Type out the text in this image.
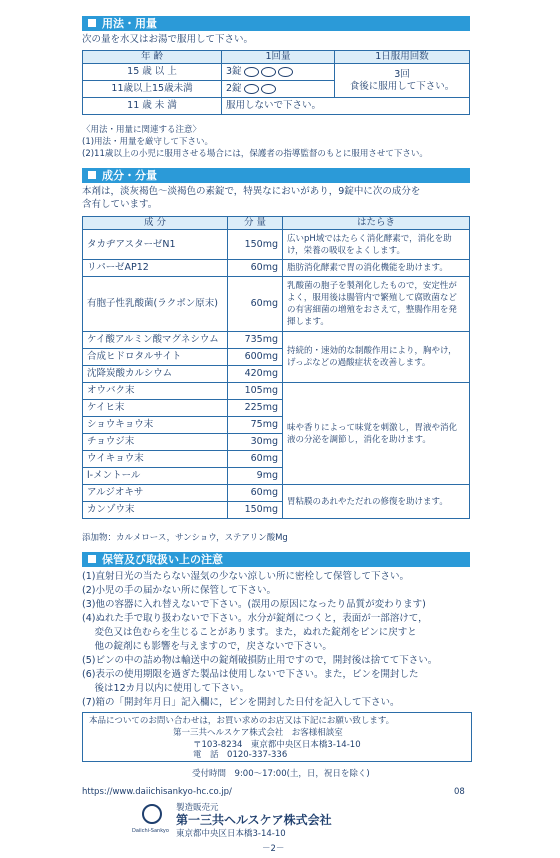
用法・用量
次の量を水又はお湯で服用して下さい。
年 齢	1回量	1日服用回数
15 歳 以 上	3錠	3回
食後に服用して下さい。

11歳以上15歳未満	2錠	
11 歳 未 満	服用しないで下さい。	
〈用法・用量に関連する注意〉
(1)用法・用量を厳守して下さい。
(2)11歳以上の小児に服用させる場合には，保護者の指導監督のもとに服用させて下さい。
成分・分量
本剤は，淡灰褐色～淡褐色の素錠で，特異なにおいがあり，9錠中に次の成分を
含有しています。
成 分	分 量	はたらき
タカヂアスターゼN1	150mg	広いpH域ではたらく消化酵素で，消化を助け，栄養の吸収をよくします。
リパーゼAP12	60mg	脂肪消化酵素で胃の消化機能を助けます。
有胞子性乳酸菌(ラクボン原末)	60mg	乳酸菌の胞子を製剤化したもので，安定性がよく，服用後は腸管内で繁殖して腐敗菌などの有害細菌の増殖をおさえて，整腸作用を発揮します。
ケイ酸アルミン酸マグネシウム	735mg	持続的・速効的な制酸作用により，胸やけ，げっぷなどの過酸症状を改善します。
合成ヒドロタルサイト	600mg	
沈降炭酸カルシウム	420mg	
オウバク末	105mg	味や香りによって味覚を刺激し，胃液や消化液の分泌を調節し，消化を助けます。
ケイヒ末	225mg	
ショウキョウ末	75mg	
チョウジ末	30mg	
ウイキョウ末	60mg	
l-メントール	9mg	
アルジオキサ	60mg	胃粘膜のあれやただれの修復を助けます。
カンゾウ末	150mg	
添加物：カルメロース，サンショウ，ステアリン酸Mg
保管及び取扱い上の注意
(1)直射日光の当たらない湿気の少ない涼しい所に密栓して保管して下さい。
(2)小児の手の届かない所に保管して下さい。
(3)他の容器に入れ替えないで下さい。(誤用の原因になったり品質が変わります)
(4)ぬれた手で取り扱わないで下さい。水分が錠剤につくと，表面が一部溶けて，
　 変色又は色むらを生じることがあります。また，ぬれた錠剤をビンに戻すと
　 他の錠剤にも影響を与えますので，戻さないで下さい。
(5)ビンの中の詰め物は輸送中の錠剤破損防止用ですので，開封後は捨てて下さい。
(6)表示の使用期限を過ぎた製品は使用しないで下さい。また，ビンを開封した
　 後は12カ月以内に使用して下さい。
(7)箱の「開封年月日」記入欄に，ビンを開封した日付を記入して下さい。
本品についてのお問い合わせは，お買い求めのお店又は下記にお願い致します。
第一三共ヘルスケア株式会社　お客様相談室
〒103-8234　東京都中央区日本橋3-14-10
電　話　 0120-337-336
受付時間　 9:00～17:00(土，日，祝日を除く)
https://www.daiichisankyo-hc.co.jp/	08
Daiichi-Sankyo
製造販売元
第一三共ヘルスケア株式会社
東京都中央区日本橋3-14-10
－2－
